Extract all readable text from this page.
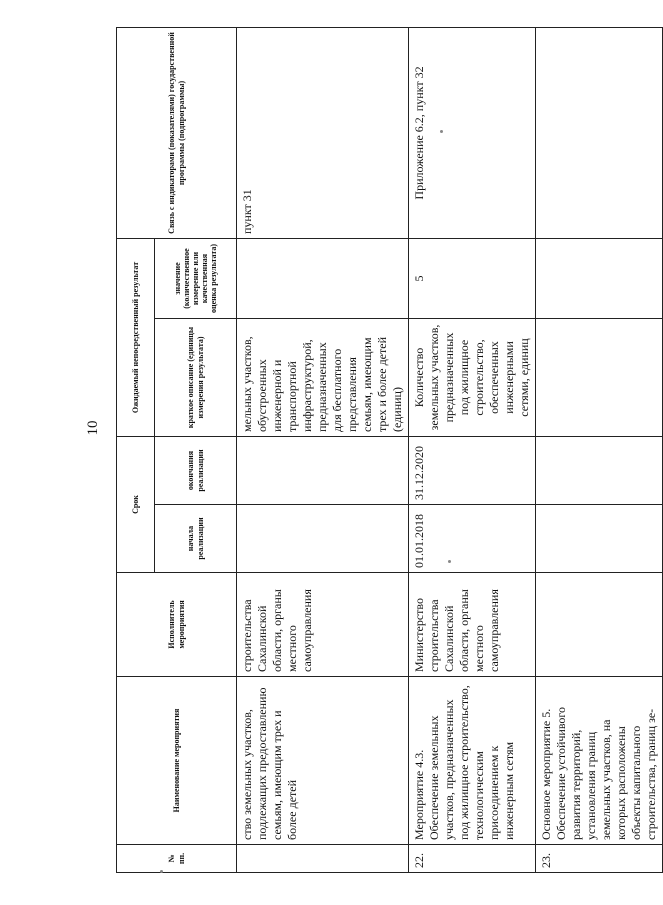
10
№ пп.	Наименование мероприятия	Исполнитель мероприятия	Срок		Ожидаемый непосредственный результат		Связь с индикаторами (показателями) государственной программы (подпрограммы)
			начала реализации	окончания реализации	краткое описание (единицы измерения результата)	значение (количественное измерение или качественная оценка результата)	
	ство земельных участков, подлежащих предоставлению семьям, имеющим трех и более детей	строительства Сахалинской области, органы местного самоуправления			мельных участков, обустроенных инженерной и транспортной инфраструктурой, предназначенных для бесплатного представления семьям, имеющим трех и более детей (единиц)		пункт 31
22.	Мероприятие 4.3. Обеспечение земельных участков, предназначенных под жилищное строительство, технологическим присоединением к инженерным сетям	Министерство строительства Сахалинской области, органы местного самоуправления	01.01.2018	31.12.2020	Количество земельных участков, предназначенных под жилищное строительство, обеспеченных инженерными сетями, единиц	5	Приложение 6.2, пункт 32
23.	Основное мероприятие 5. Обеспечение устойчивого развития территорий, установления границ земельных участков, на которых расположены объекты капитального строительства, границ зе-						
